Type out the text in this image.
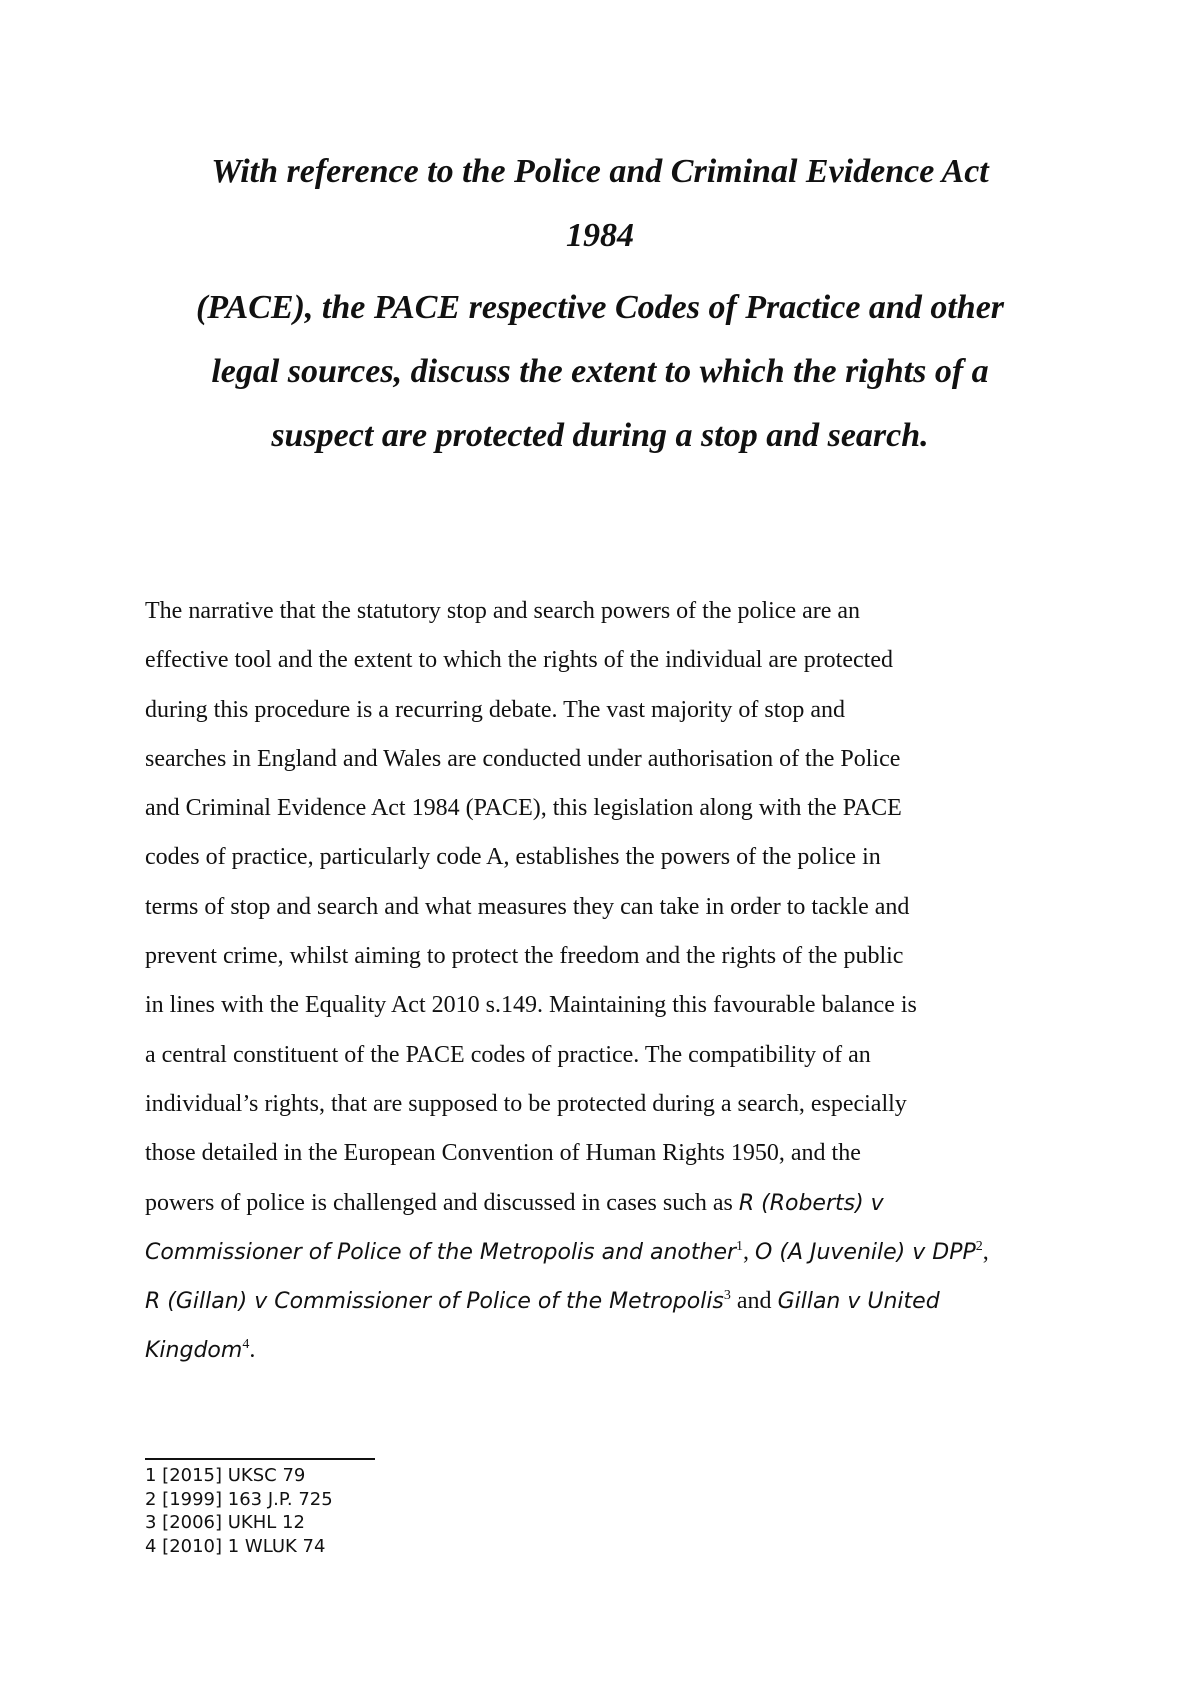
With reference to the Police and Criminal Evidence Act
1984
(PACE), the PACE respective Codes of Practice and other
legal sources, discuss the extent to which the rights of a
suspect are protected during a stop and search.
The narrative that the statutory stop and search powers of the police are an
effective tool and the extent to which the rights of the individual are protected
during this procedure is a recurring debate. The vast majority of stop and
searches in England and Wales are conducted under authorisation of the Police
and Criminal Evidence Act 1984 (PACE), this legislation along with the PACE
codes of practice, particularly code A, establishes the powers of the police in
terms of stop and search and what measures they can take in order to tackle and
prevent crime, whilst aiming to protect the freedom and the rights of the public
in lines with the Equality Act 2010 s.149. Maintaining this favourable balance is
a central constituent of the PACE codes of practice. The compatibility of an
individual’s rights, that are supposed to be protected during a search, especially
those detailed in the European Convention of Human Rights 1950, and the
powers of police is challenged and discussed in cases such as R (Roberts) v
Commissioner of Police of the Metropolis and another$^1$, O (A Juvenile) v DPP$^2$,
R (Gillan) v Commissioner of Police of the Metropolis$^3$ and Gillan v United
Kingdom$^4$.
1 [2015] UKSC 79
2 [1999] 163 J.P. 725
3 [2006] UKHL 12
4 [2010] 1 WLUK 74
